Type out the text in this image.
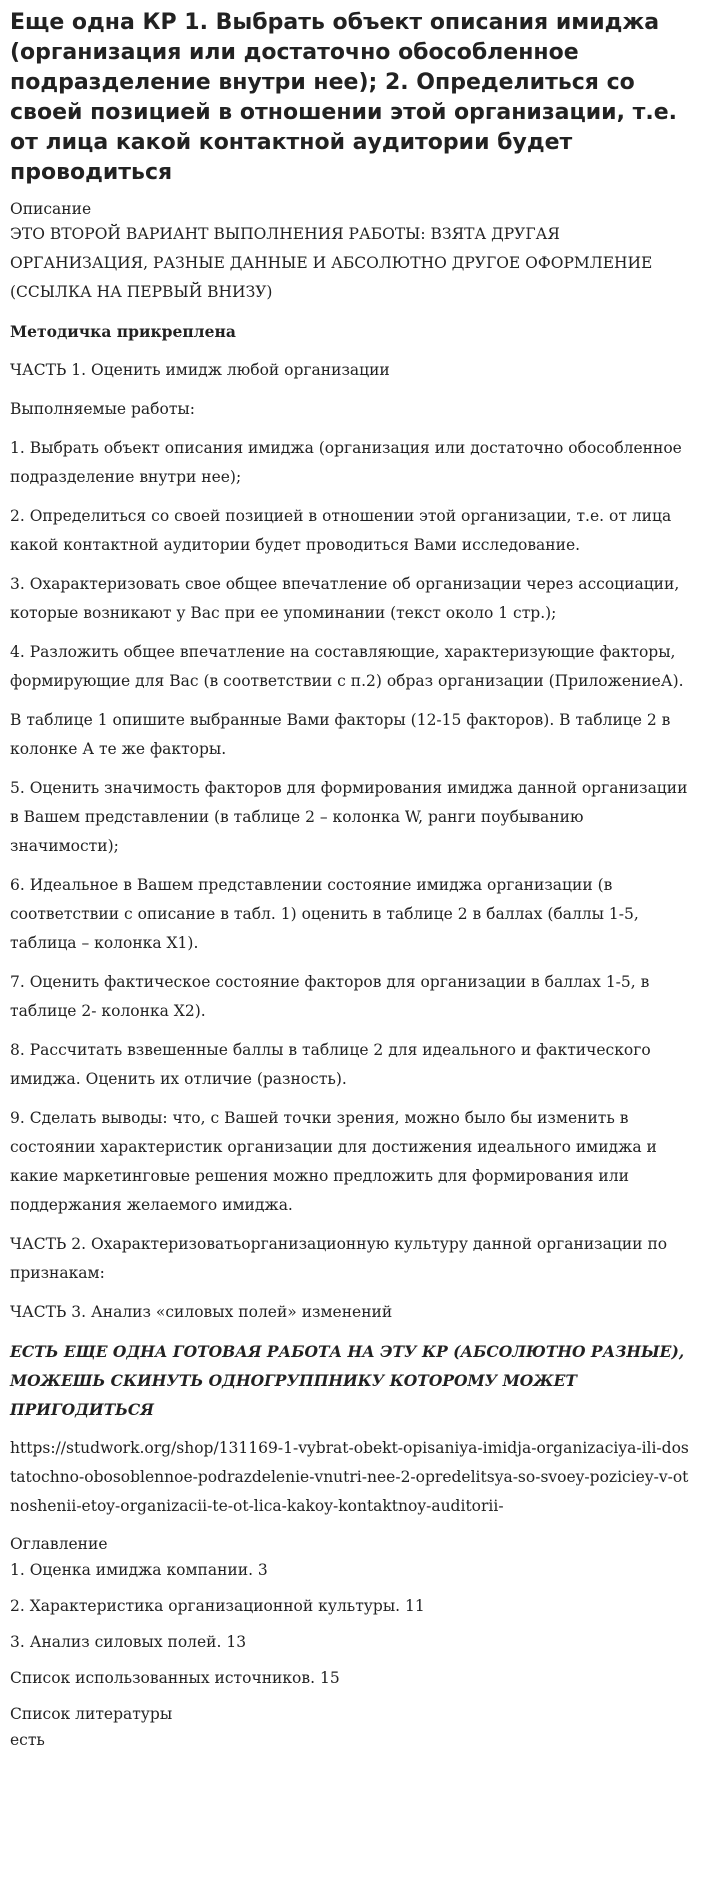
Еще одна КР 1. Выбрать объект описания имиджа (организация или достаточно обособленное подразделение внутри нее); 2. Определиться со своей позицией в отношении этой организации, т.е. от лица какой контактной аудитории будет проводиться
Описание
ЭТО ВТОРОЙ ВАРИАНТ ВЫПОЛНЕНИЯ РАБОТЫ: ВЗЯТА ДРУГАЯ ОРГАНИЗАЦИЯ, РАЗНЫЕ ДАННЫЕ И АБСОЛЮТНО ДРУГОЕ ОФОРМЛЕНИЕ (ССЫЛКА НА ПЕРВЫЙ ВНИЗУ)

Методичка прикреплена

ЧАСТЬ 1. Оценить имидж любой организации

Выполняемые работы:

1. Выбрать объект описания имиджа (организация или достаточно обособленное подразделение внутри нее);

2. Определиться со своей позицией в отношении этой организации, т.е. от лица какой контактной аудитории будет проводиться Вами исследование.

3. Охарактеризовать свое общее впечатление об организации через ассоциации, которые возникают у Вас при ее упоминании (текст около 1 стр.);

4. Разложить общее впечатление на составляющие, характеризующие факторы, формирующие для Вас (в соответствии с п.2) образ организации (ПриложениеА).

В таблице 1 опишите выбранные Вами факторы (12-15 факторов). В таблице 2 в колонке А те же факторы.

5. Оценить значимость факторов для формирования имиджа данной организации в Вашем представлении (в таблице 2 – колонка W, ранги поубыванию значимости);

6. Идеальное в Вашем представлении состояние имиджа организации (в соответствии с описание в табл. 1) оценить в таблице 2 в баллах (баллы 1-5, таблица – колонка Х1).

7. Оценить фактическое состояние факторов для организации в баллах 1-5, в таблице 2- колонка Х2).

8. Рассчитать взвешенные баллы в таблице 2 для идеального и фактического имиджа. Оценить их отличие (разность).

9. Сделать выводы: что, с Вашей точки зрения, можно было бы изменить в состоянии характеристик организации для достижения идеального имиджа и какие маркетинговые решения можно предложить для формирования или поддержания желаемого имиджа.

ЧАСТЬ 2. Охарактеризоватьорганизационную культуру данной организации по признакам:

ЧАСТЬ 3. Анализ «силовых полей» изменений

ЕСТЬ ЕЩЕ ОДНА ГОТОВАЯ РАБОТА НА ЭТУ КР (АБСОЛЮТНО РАЗНЫЕ), МОЖЕШЬ СКИНУТЬ ОДНОГРУППНИКУ КОТОРОМУ МОЖЕТ ПРИГОДИТЬСЯ

https://studwork.org/shop/131169-1-vybrat-obekt-opisaniya-imidja-organizaciya-ili-dostatochno-obosoblennoe-podrazdelenie-vnutri-nee-2-opredelitsya-so-svoey-poziciey-v-otnoshenii-etoy-organizacii-te-ot-lica-kakoy-kontaktnoy-auditorii-

Оглавление
1. Оценка имиджа компании. 3
2. Характеристика организационной культуры. 11
3. Анализ силовых полей. 13
Список использованных источников. 15
Список литературы
есть
